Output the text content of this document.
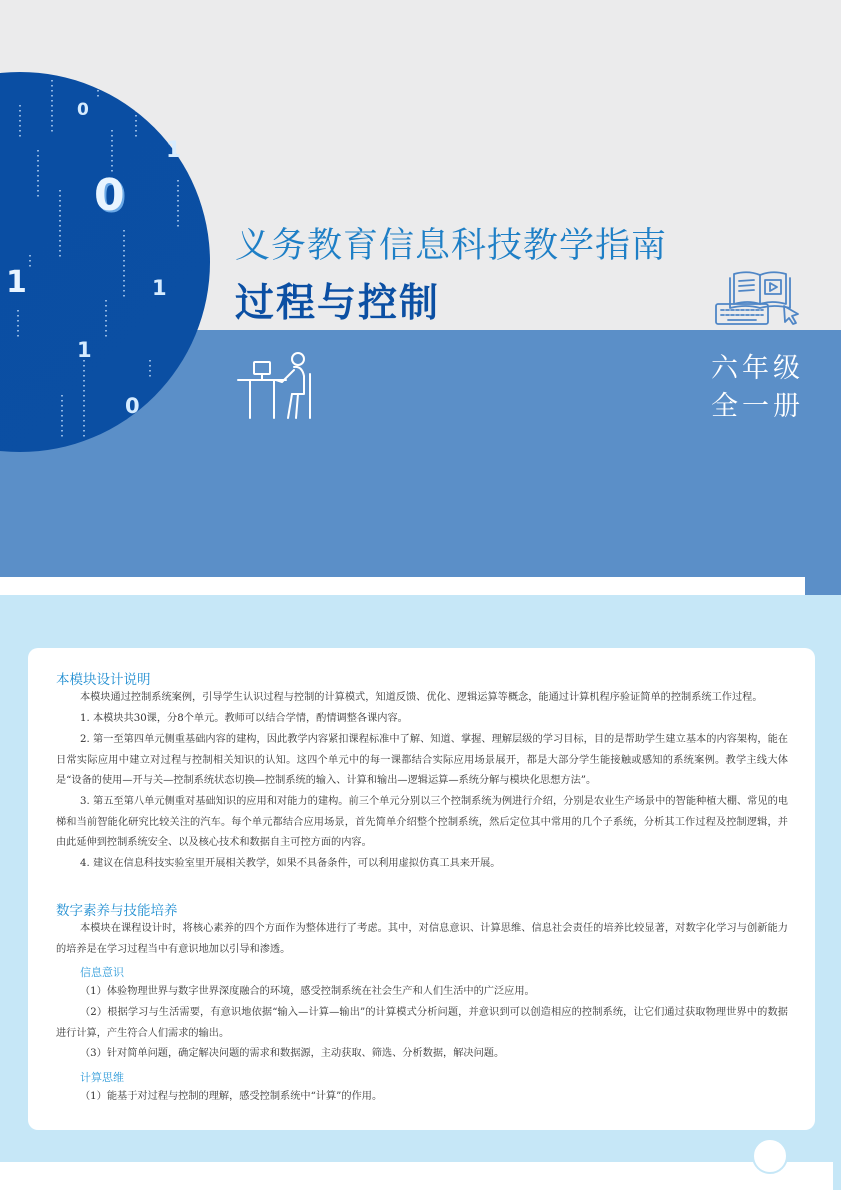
0
0
1
1	1
1
0
义务教育信息科技教学指南
过程与控制
六年级
全一册
本模块设计说明

本模块通过控制系统案例，引导学生认识过程与控制的计算模式，知道反馈、优化、逻辑运算等概念，能通过计算机程序验证简单的控制系统工作过程。

1. 本模块共30课，分8个单元。教师可以结合学情，酌情调整各课内容。

2. 第一至第四单元侧重基础内容的建构，因此教学内容紧扣课程标准中了解、知道、掌握、理解层级的学习目标，目的是帮助学生建立基本的内容架构，能在日常实际应用中建立对过程与控制相关知识的认知。这四个单元中的每一课都结合实际应用场景展开，都是大部分学生能接触或感知的系统案例。教学主线大体是“设备的使用—开与关—控制系统状态切换—控制系统的输入、计算和输出—逻辑运算—系统分解与模块化思想方法”。

3. 第五至第八单元侧重对基础知识的应用和对能力的建构。前三个单元分别以三个控制系统为例进行介绍，分别是农业生产场景中的智能种植大棚、常见的电梯和当前智能化研究比较关注的汽车。每个单元都结合应用场景，首先简单介绍整个控制系统，然后定位其中常用的几个子系统，分析其工作过程及控制逻辑，并由此延伸到控制系统安全、以及核心技术和数据自主可控方面的内容。

4. 建议在信息科技实验室里开展相关教学，如果不具备条件，可以利用虚拟仿真工具来开展。

数字素养与技能培养

本模块在课程设计时，将核心素养的四个方面作为整体进行了考虑。其中，对信息意识、计算思维、信息社会责任的培养比较显著，对数字化学习与创新能力的培养是在学习过程当中有意识地加以引导和渗透。

信息意识

（1）体验物理世界与数字世界深度融合的环境，感受控制系统在社会生产和人们生活中的广泛应用。

（2）根据学习与生活需要，有意识地依据“输入—计算—输出”的计算模式分析问题，并意识到可以创造相应的控制系统，让它们通过获取物理世界中的数据进行计算，产生符合人们需求的输出。

（3）针对简单问题，确定解决问题的需求和数据源，主动获取、筛选、分析数据，解决问题。

计算思维

（1）能基于对过程与控制的理解，感受控制系统中“计算”的作用。
